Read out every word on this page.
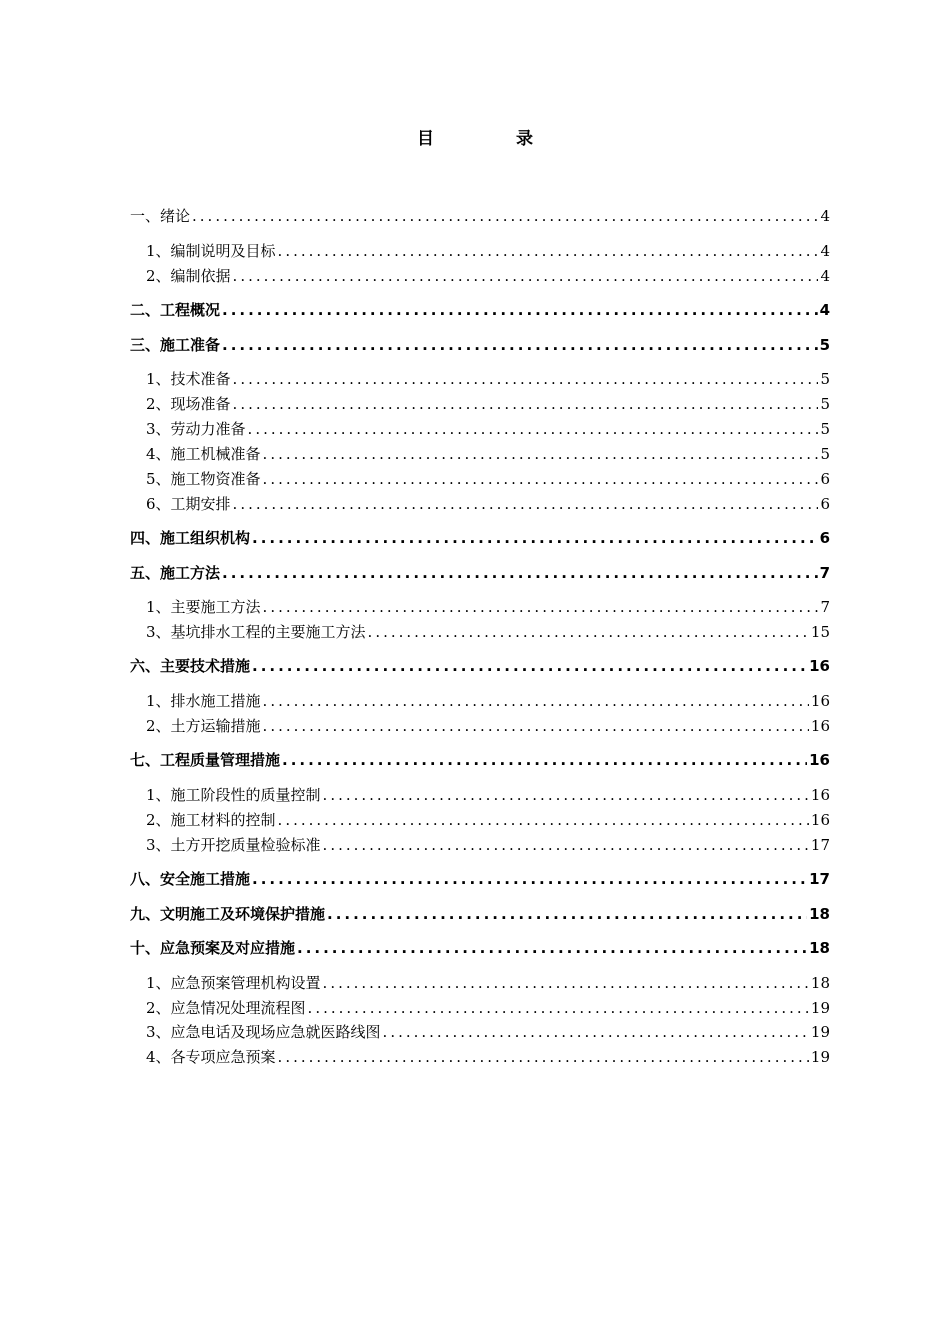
目 录
一、绪论 .....	4
1、编制说明及目标 .....	4
2、编制依据 .....	4
二、工程概况 .....	4
三、施工准备 .....	5
1、技术准备 .....	5
2、现场准备 .....	5
3、劳动力准备 .....	5
4、施工机械准备 .....	5
5、施工物资准备 .....	6
6、工期安排 .....	6
四、施工组织机构 .....	6
五、施工方法 .....	7
1、主要施工方法 .....	7
3、基坑排水工程的主要施工方法 .....	15
六、主要技术措施 .....	16
1、排水施工措施 .....	16
2、土方运输措施 .....	16
七、工程质量管理措施 .....	16
1、施工阶段性的质量控制 .....	16
2、施工材料的控制 .....	16
3、土方开挖质量检验标准 .....	17
八、安全施工措施 .....	17
九、文明施工及环境保护措施 .....	18
十、应急预案及对应措施 .....	18
1、应急预案管理机构设置 .....	18
2、应急情况处理流程图 .....	19
3、应急电话及现场应急就医路线图 .....	19
4、各专项应急预案 .....	19
